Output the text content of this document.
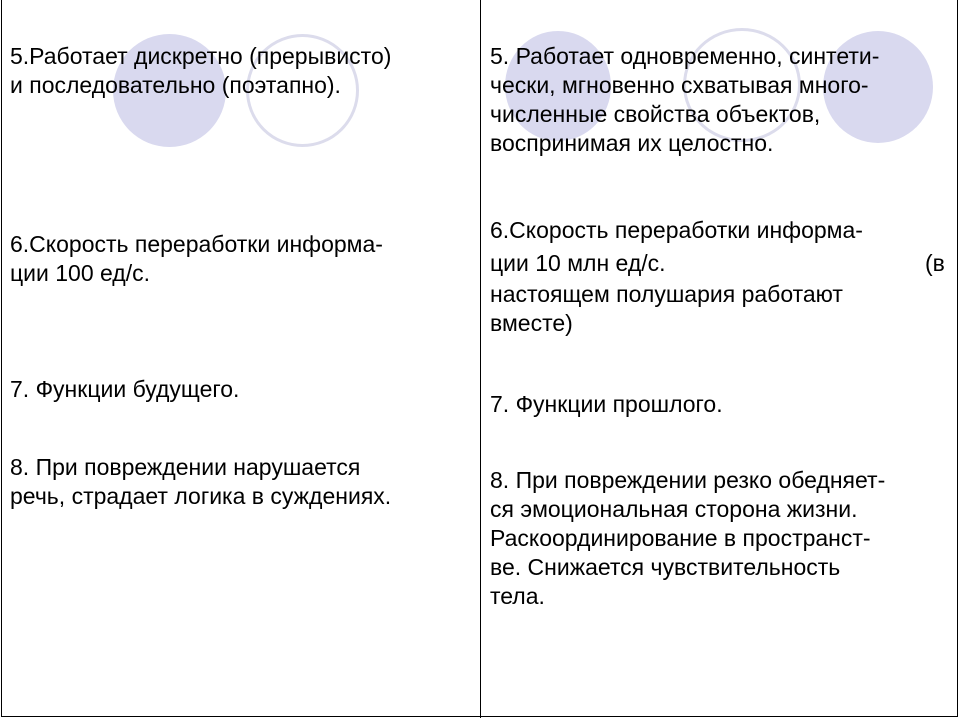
5.Работает дискретно (прерывисто)
и последовательно (поэтапно).

6.Скорость переработки информа-
ции 100 ед/с.

7. Функции будущего.

8. При повреждении нарушается
речь, страдает логика в суждениях.

5. Работает одновременно, синтети-
чески, мгновенно схватывая много-
численные свойства объектов,
воспринимая их целостно.

6.Скорость переработки информа-

ции 10 млн ед/с.	(в

настоящем полушария работают
вместе)

7. Функции прошлого.

8. При повреждении резко обедняет-
ся эмоциональная сторона жизни.
Раскоординирование в пространст-
ве. Снижается чувствительность
тела.
